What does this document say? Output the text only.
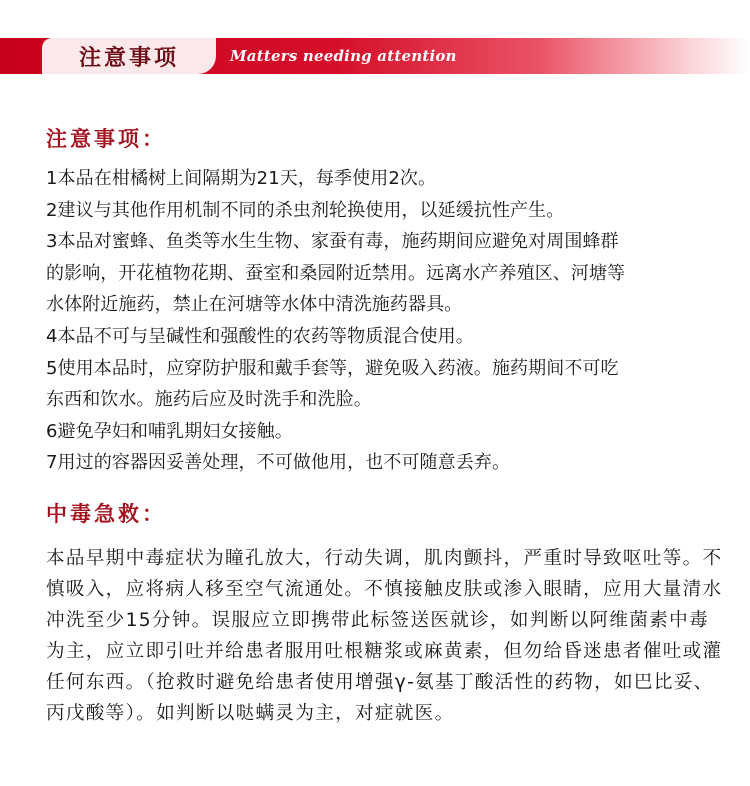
注意事项	Matters needing attention
注意事项：

1本品在柑橘树上间隔期为21天，每季使用2次。

2建议与其他作用机制不同的杀虫剂轮换使用，以延缓抗性产生。

3本品对蜜蜂、鱼类等水生生物、家蚕有毒，施药期间应避免对周围蜂群

的影响，开花植物花期、蚕室和桑园附近禁用。远离水产养殖区、河塘等

水体附近施药，禁止在河塘等水体中清洗施药器具。

4本品不可与呈碱性和强酸性的农药等物质混合使用。

5使用本品时，应穿防护服和戴手套等，避免吸入药液。施药期间不可吃

东西和饮水。施药后应及时洗手和洗脸。

6避免孕妇和哺乳期妇女接触。

7用过的容器因妥善处理，不可做他用，也不可随意丢弃。

中毒急救：

本品早期中毒症状为瞳孔放大，行动失调，肌肉颤抖，严重时导致呕吐等。不慎吸入，应将病人移至空气流通处。不慎接触皮肤或渗入眼睛，应用大量清水冲洗至少15分钟。误服应立即携带此标签送医就诊，如判断以阿维菌素中毒为主，应立即引吐并给患者服用吐根糖浆或麻黄素，但勿给昏迷患者催吐或灌任何东西。（抢救时避免给患者使用增强γ-氨基丁酸活性的药物，如巴比妥、丙戊酸等）。如判断以哒螨灵为主，对症就医。
